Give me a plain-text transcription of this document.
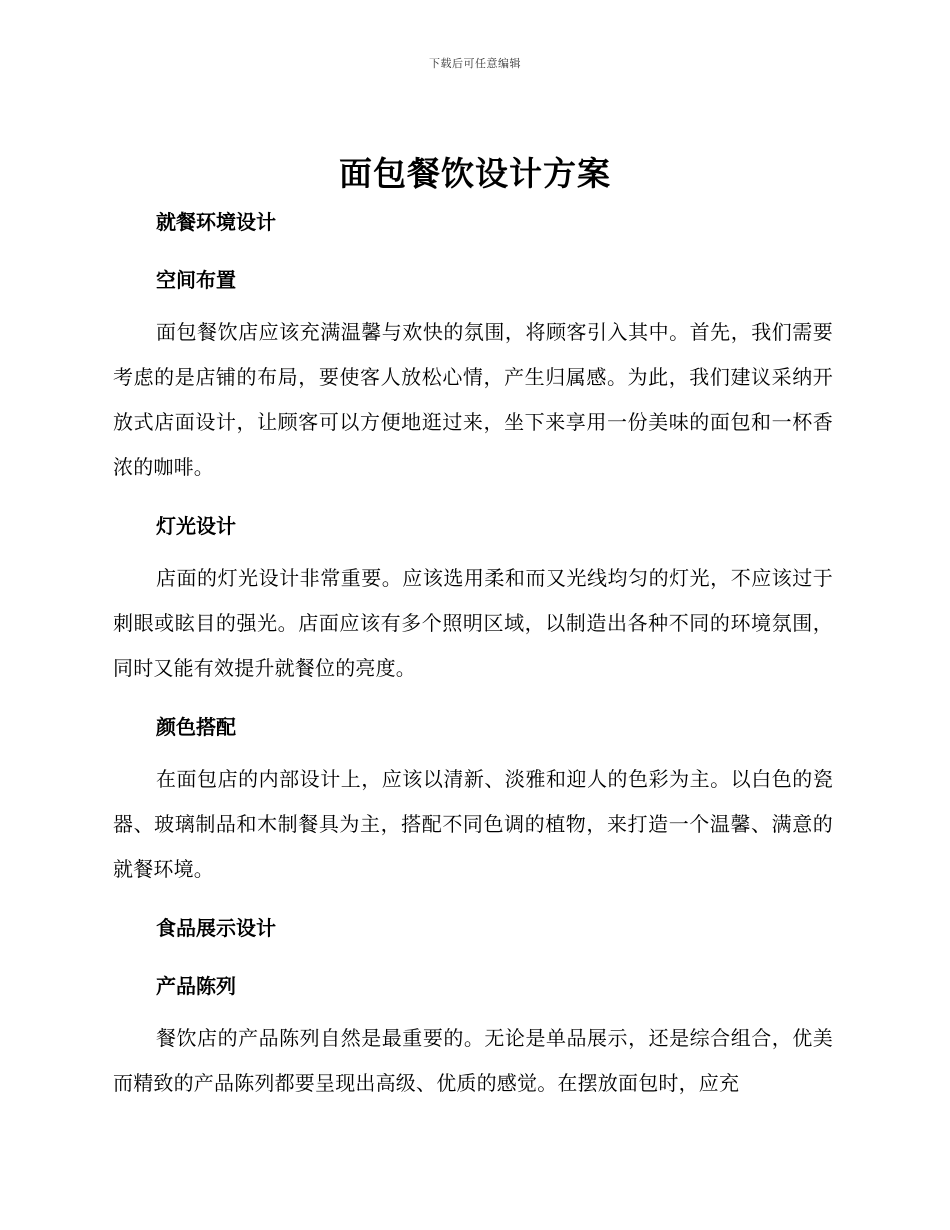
下载后可任意编辑
面包餐饮设计方案
就餐环境设计
空间布置

面包餐饮店应该充满温馨与欢快的氛围，将顾客引入其中。首先，我们需要考虑的是店铺的布局，要使客人放松心情，产生归属感。为此，我们建议采纳开放式店面设计，让顾客可以方便地逛过来，坐下来享用一份美味的面包和一杯香浓的咖啡。

灯光设计

店面的灯光设计非常重要。应该选用柔和而又光线均匀的灯光，不应该过于刺眼或眩目的强光。店面应该有多个照明区域，以制造出各种不同的环境氛围，同时又能有效提升就餐位的亮度。

颜色搭配

在面包店的内部设计上，应该以清新、淡雅和迎人的色彩为主。以白色的瓷器、玻璃制品和木制餐具为主，搭配不同色调的植物，来打造一个温馨、满意的就餐环境。

食品展示设计
产品陈列

餐饮店的产品陈列自然是最重要的。无论是单品展示，还是综合组合，优美而精致的产品陈列都要呈现出高级、优质的感觉。在摆放面包时，应充
